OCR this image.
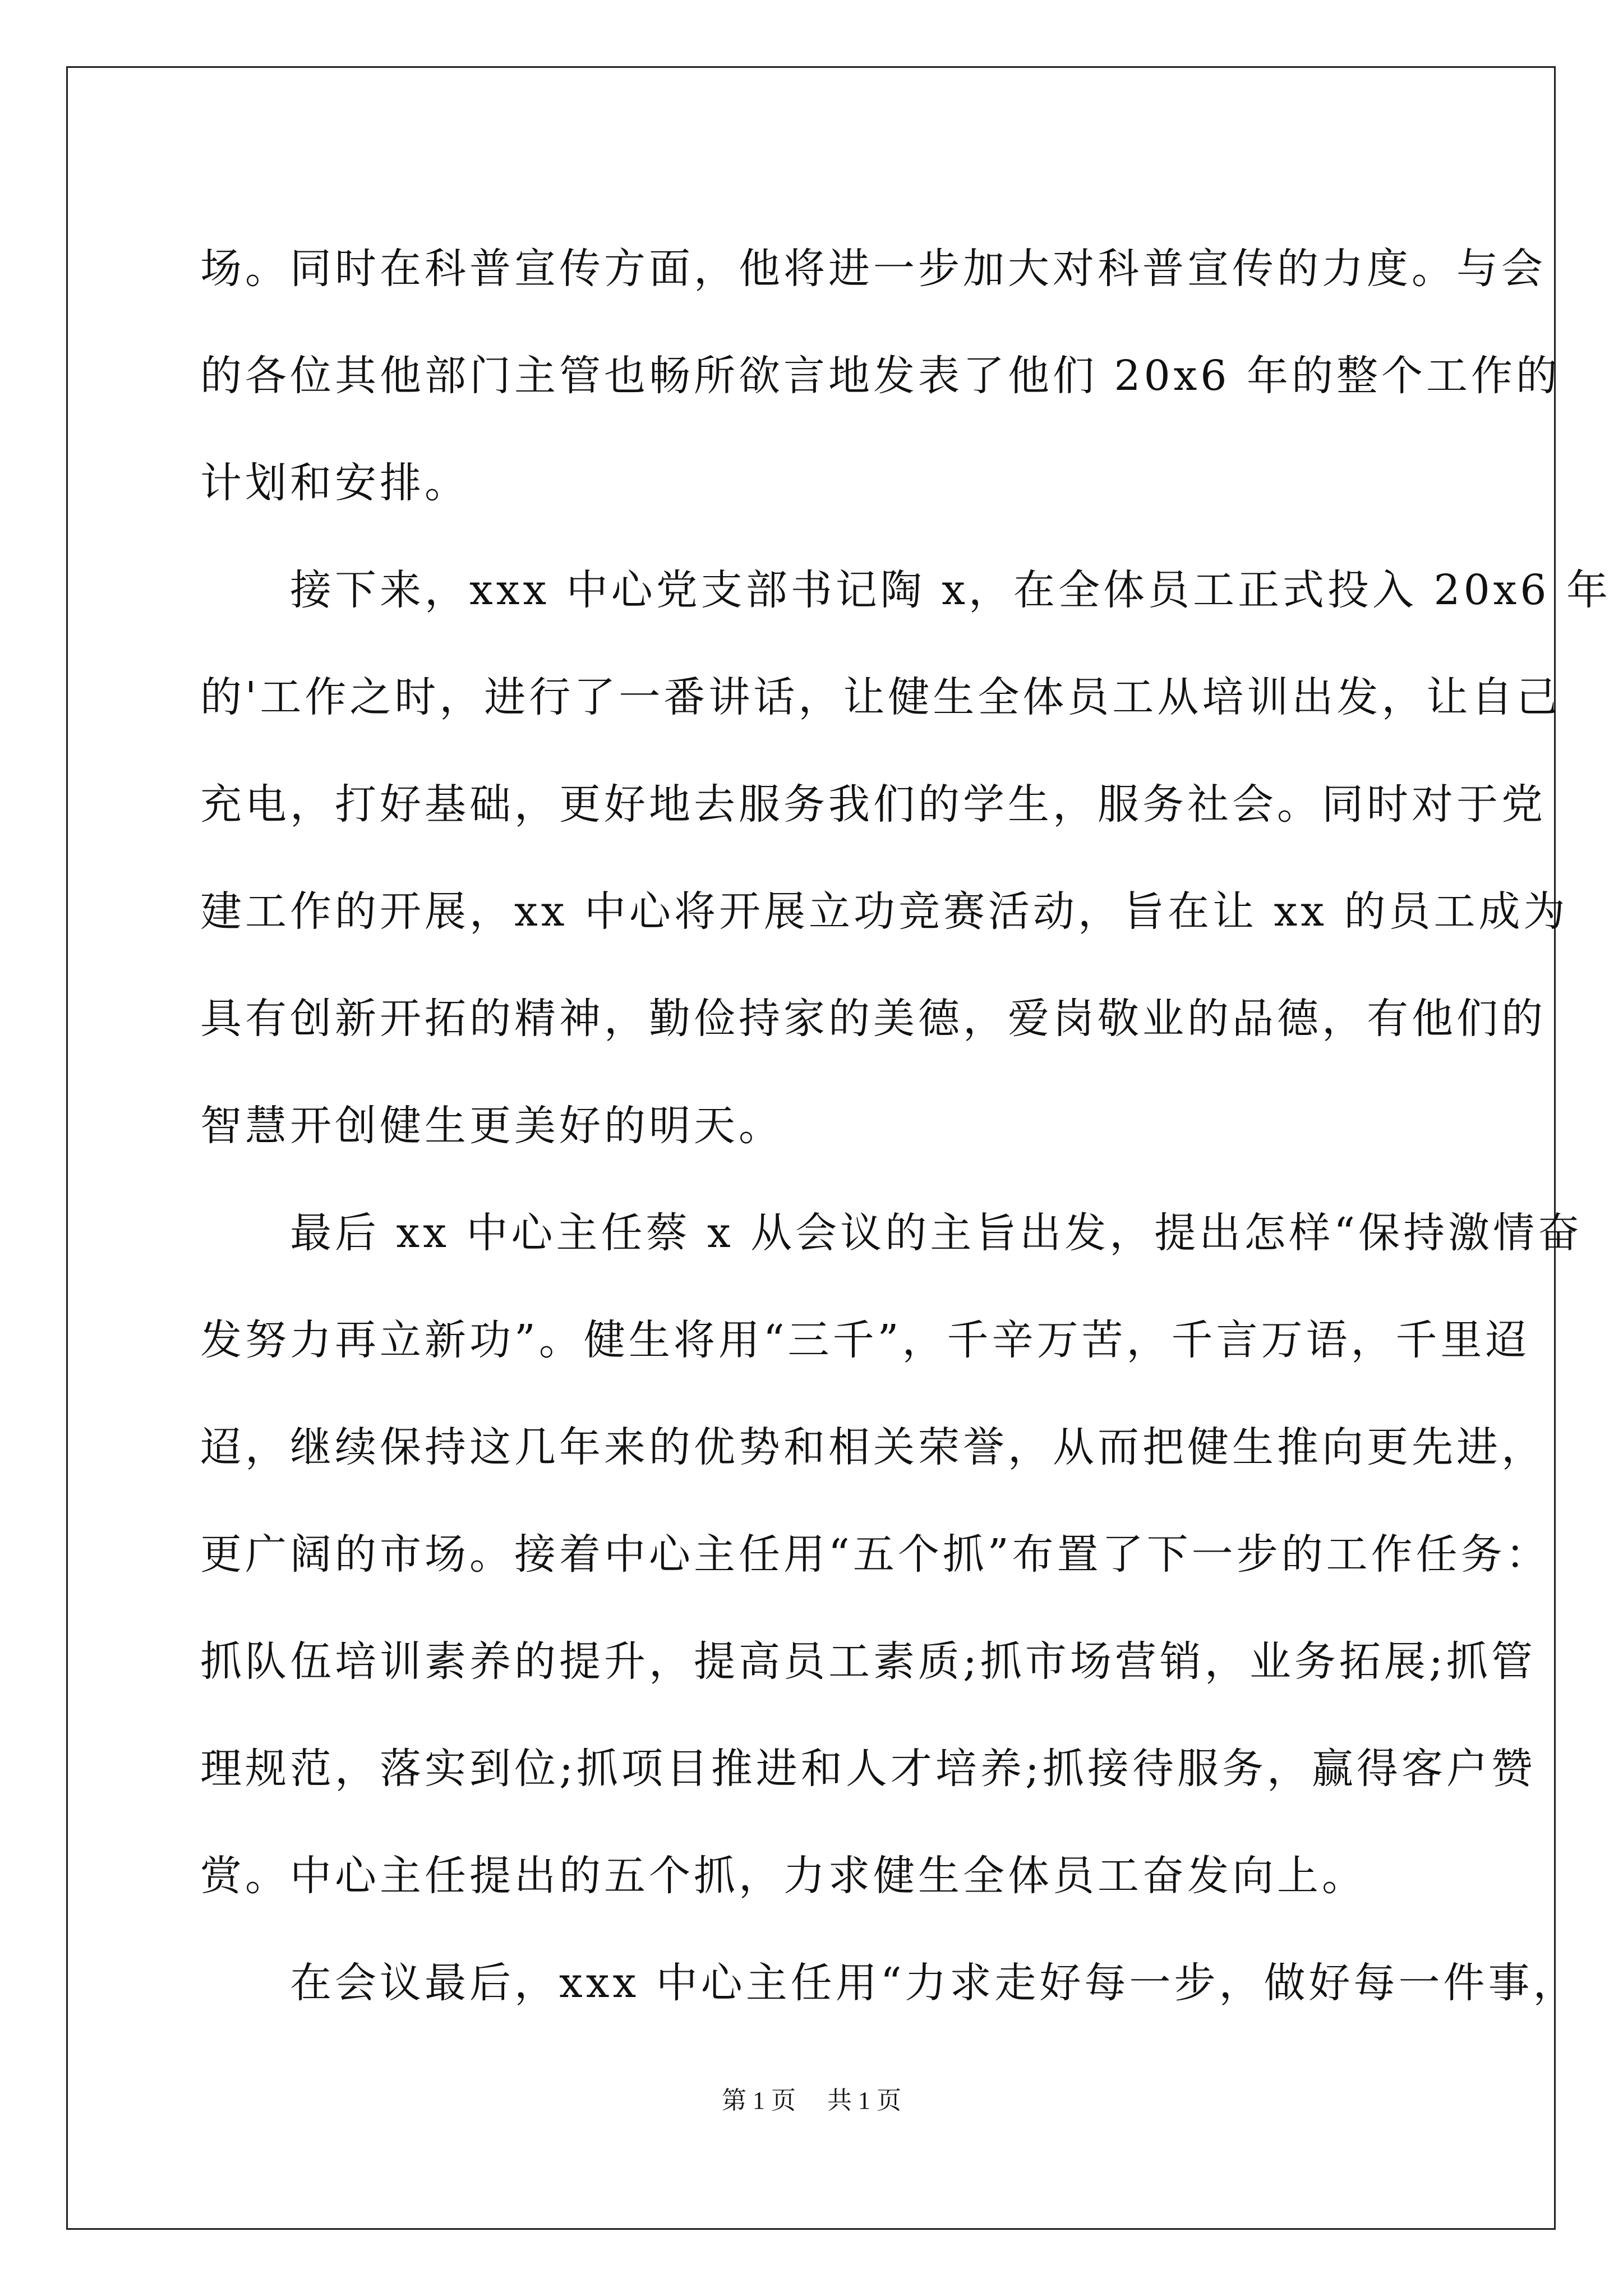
场。同时在科普宣传方面，他将进一步加大对科普宣传的力度。与会

的各位其他部门主管也畅所欲言地发表了他们 20x6 年的整个工作的

计划和安排。

　　接下来，xxx 中心党支部书记陶 x，在全体员工正式投入 20x6 年

的'工作之时，进行了一番讲话，让健生全体员工从培训出发，让自己

充电，打好基础，更好地去服务我们的学生，服务社会。同时对于党

建工作的开展，xx 中心将开展立功竞赛活动，旨在让 xx 的员工成为

具有创新开拓的精神，勤俭持家的美德，爱岗敬业的品德，有他们的

智慧开创健生更美好的明天。

　　最后 xx 中心主任蔡 x 从会议的主旨出发，提出怎样“保持激情奋

发努力再立新功”。健生将用“三千”，千辛万苦，千言万语，千里迢

迢，继续保持这几年来的优势和相关荣誉，从而把健生推向更先进，

更广阔的市场。接着中心主任用“五个抓”布置了下一步的工作任务：

抓队伍培训素养的提升，提高员工素质;抓市场营销，业务拓展;抓管

理规范，落实到位;抓项目推进和人才培养;抓接待服务，赢得客户赞

赏。中心主任提出的五个抓，力求健生全体员工奋发向上。

　　在会议最后，xxx 中心主任用“力求走好每一步，做好每一件事，

第 1 页 共 1 页
